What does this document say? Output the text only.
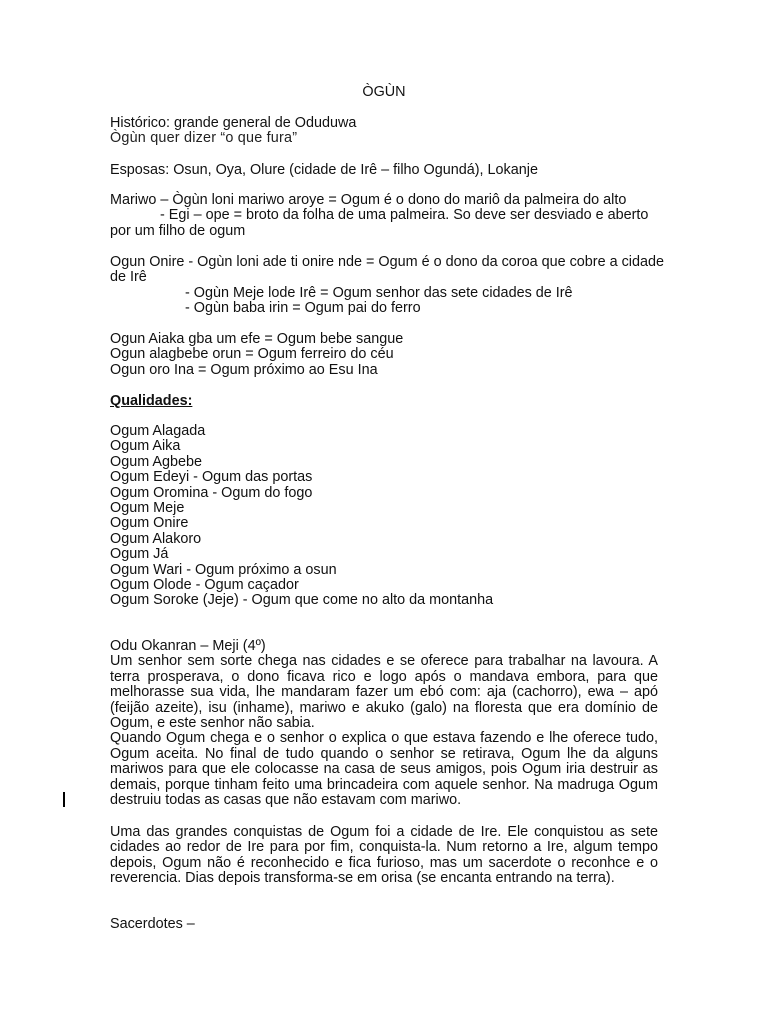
ÒGÙN
Histórico: grande general de Oduduwa
Ògùn quer dizer “o que fura”
Esposas: Osun, Oya, Olure (cidade de Irê – filho Ogundá), Lokanje
Mariwo – Ògùn loni mariwo aroye = Ogum é o dono do mariô da palmeira do alto
- Egi – ope = broto da folha de uma palmeira. So deve ser desviado e aberto
por um filho de ogum
Ogun Onire - Ogùn loni ade ti onire nde = Ogum é o dono da coroa que cobre a cidade
de Irê
- Ogùn Meje lode Irê = Ogum senhor das sete cidades de Irê
- Ogùn baba irin = Ogum pai do ferro
Ogun Aiaka gba um efe = Ogum bebe sangue
Ogun alagbebe orun = Ogum ferreiro do céu
Ogun oro Ina = Ogum próximo ao Esu Ina
Qualidades:
Ogum Alagada
Ogum Aika
Ogum Agbebe
Ogum Edeyi - Ogum das portas
Ogum Oromina - Ogum do fogo
Ogum Meje
Ogum Onire
Ogum Alakoro
Ogum Já
Ogum Wari - Ogum próximo a osun
Ogum Olode - Ogum caçador
Ogum Soroke (Jeje) - Ogum que come no alto da montanha
Odu Okanran – Meji (4º)
Um senhor sem sorte chega nas cidades e se oferece para trabalhar na lavoura. A terra prosperava, o dono ficava rico e logo após o mandava embora, para que melhorasse sua vida, lhe mandaram fazer um ebó com: aja (cachorro), ewa – apó (feijão azeite), isu (inhame), mariwo e akuko (galo) na floresta que era domínio de Ogum, e este senhor não sabia.
Quando Ogum chega e o senhor o explica o que estava fazendo e lhe oferece tudo, Ogum aceita. No final de tudo quando o senhor se retirava, Ogum lhe da alguns mariwos para que ele colocasse na casa de seus amigos, pois Ogum iria destruir as demais, porque tinham feito uma brincadeira com aquele senhor. Na madruga Ogum destruiu todas as casas que não estavam com mariwo.
Uma das grandes conquistas de Ogum foi a cidade de Ire. Ele conquistou as sete cidades ao redor de Ire para por fim, conquista-la. Num retorno a Ire, algum tempo depois, Ogum não é reconhecido e fica furioso, mas um sacerdote o reconhce e o reverencia. Dias depois transforma-se em orisa (se encanta entrando na terra).
Sacerdotes –
